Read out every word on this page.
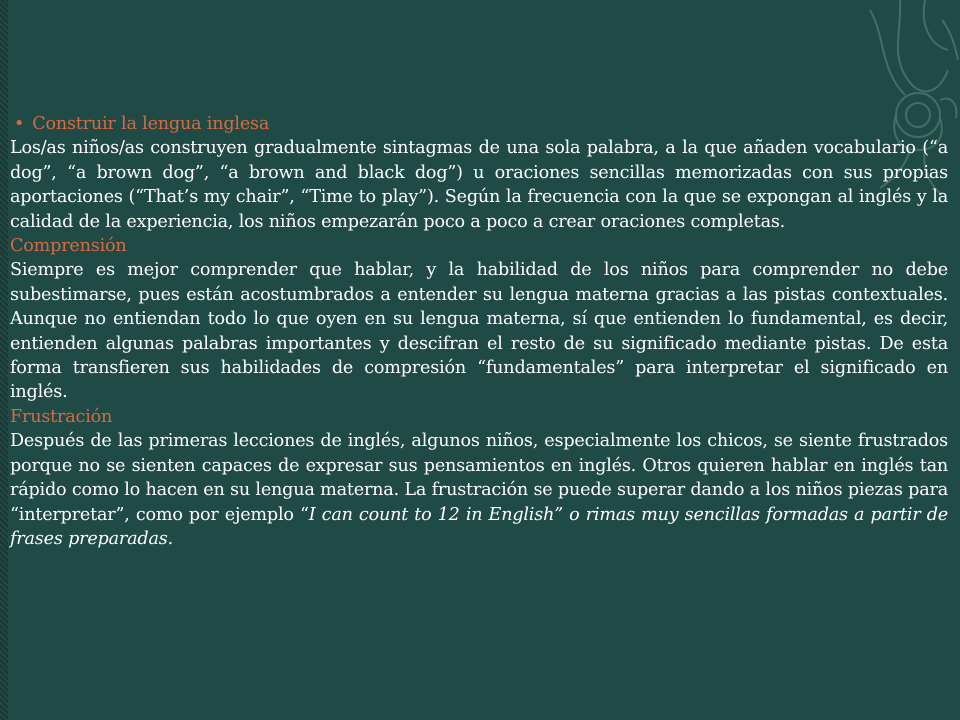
• Construir la lengua inglesa
Los/as niños/as construyen gradualmente sintagmas de una sola palabra, a la que añaden vocabulario (“a dog”, “a brown dog”, “a brown and black dog”) u oraciones sencillas memorizadas con sus propias aportaciones (“That’s my chair”, “Time to play”). Según la frecuencia con la que se expongan al inglés y la calidad de la experiencia, los niños empezarán poco a poco a crear oraciones completas.

Comprensión
Siempre es mejor comprender que hablar, y la habilidad de los niños para comprender no debe subestimarse, pues están acostumbrados a entender su lengua materna gracias a las pistas contextuales. Aunque no entiendan todo lo que oyen en su lengua materna, sí que entienden lo fundamental, es decir, entienden algunas palabras importantes y descifran el resto de su significado mediante pistas. De esta forma transfieren sus habilidades de compresión “fundamentales” para interpretar el significado en inglés.

Frustración
Después de las primeras lecciones de inglés, algunos niños, especialmente los chicos, se siente frustrados porque no se sienten capaces de expresar sus pensamientos en inglés. Otros quieren hablar en inglés tan rápido como lo hacen en su lengua materna. La frustración se puede superar dando a los niños piezas para “interpretar”, como por ejemplo “I can count to 12 in English” o rimas muy sencillas formadas a partir de frases preparadas.
